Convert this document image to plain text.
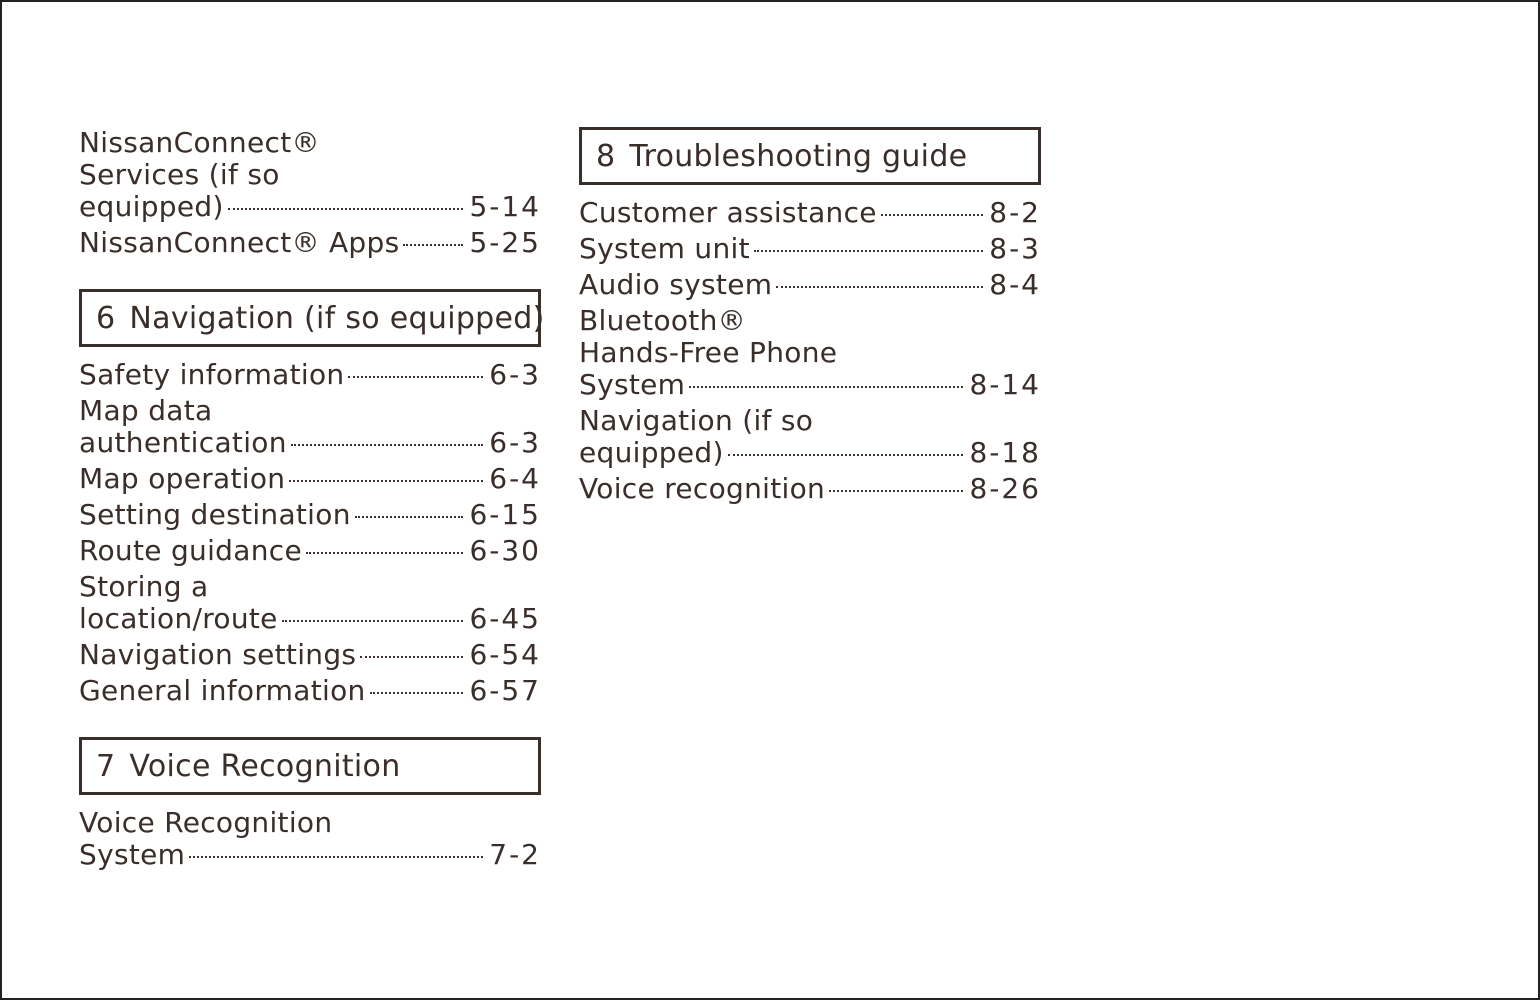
NissanConnect®
Services (if so
equipped)	5-14
NissanConnect® Apps 5-25
6 Navigation (if so equipped)
Safety information	6-3
Map data
authentication	6-3
Map operation	6-4
Setting destination	6-15
Route guidance	6-30
Storing a
location/route	6-45
Navigation settings	6-54
General information	6-57
7 Voice Recognition
Voice Recognition
System	7-2
8 Troubleshooting guide
Customer assistance	8-2
System unit	8-3
Audio system	8-4
Bluetooth®
Hands-Free Phone
System	8-14
Navigation (if so
equipped)	8-18
Voice recognition	8-26
